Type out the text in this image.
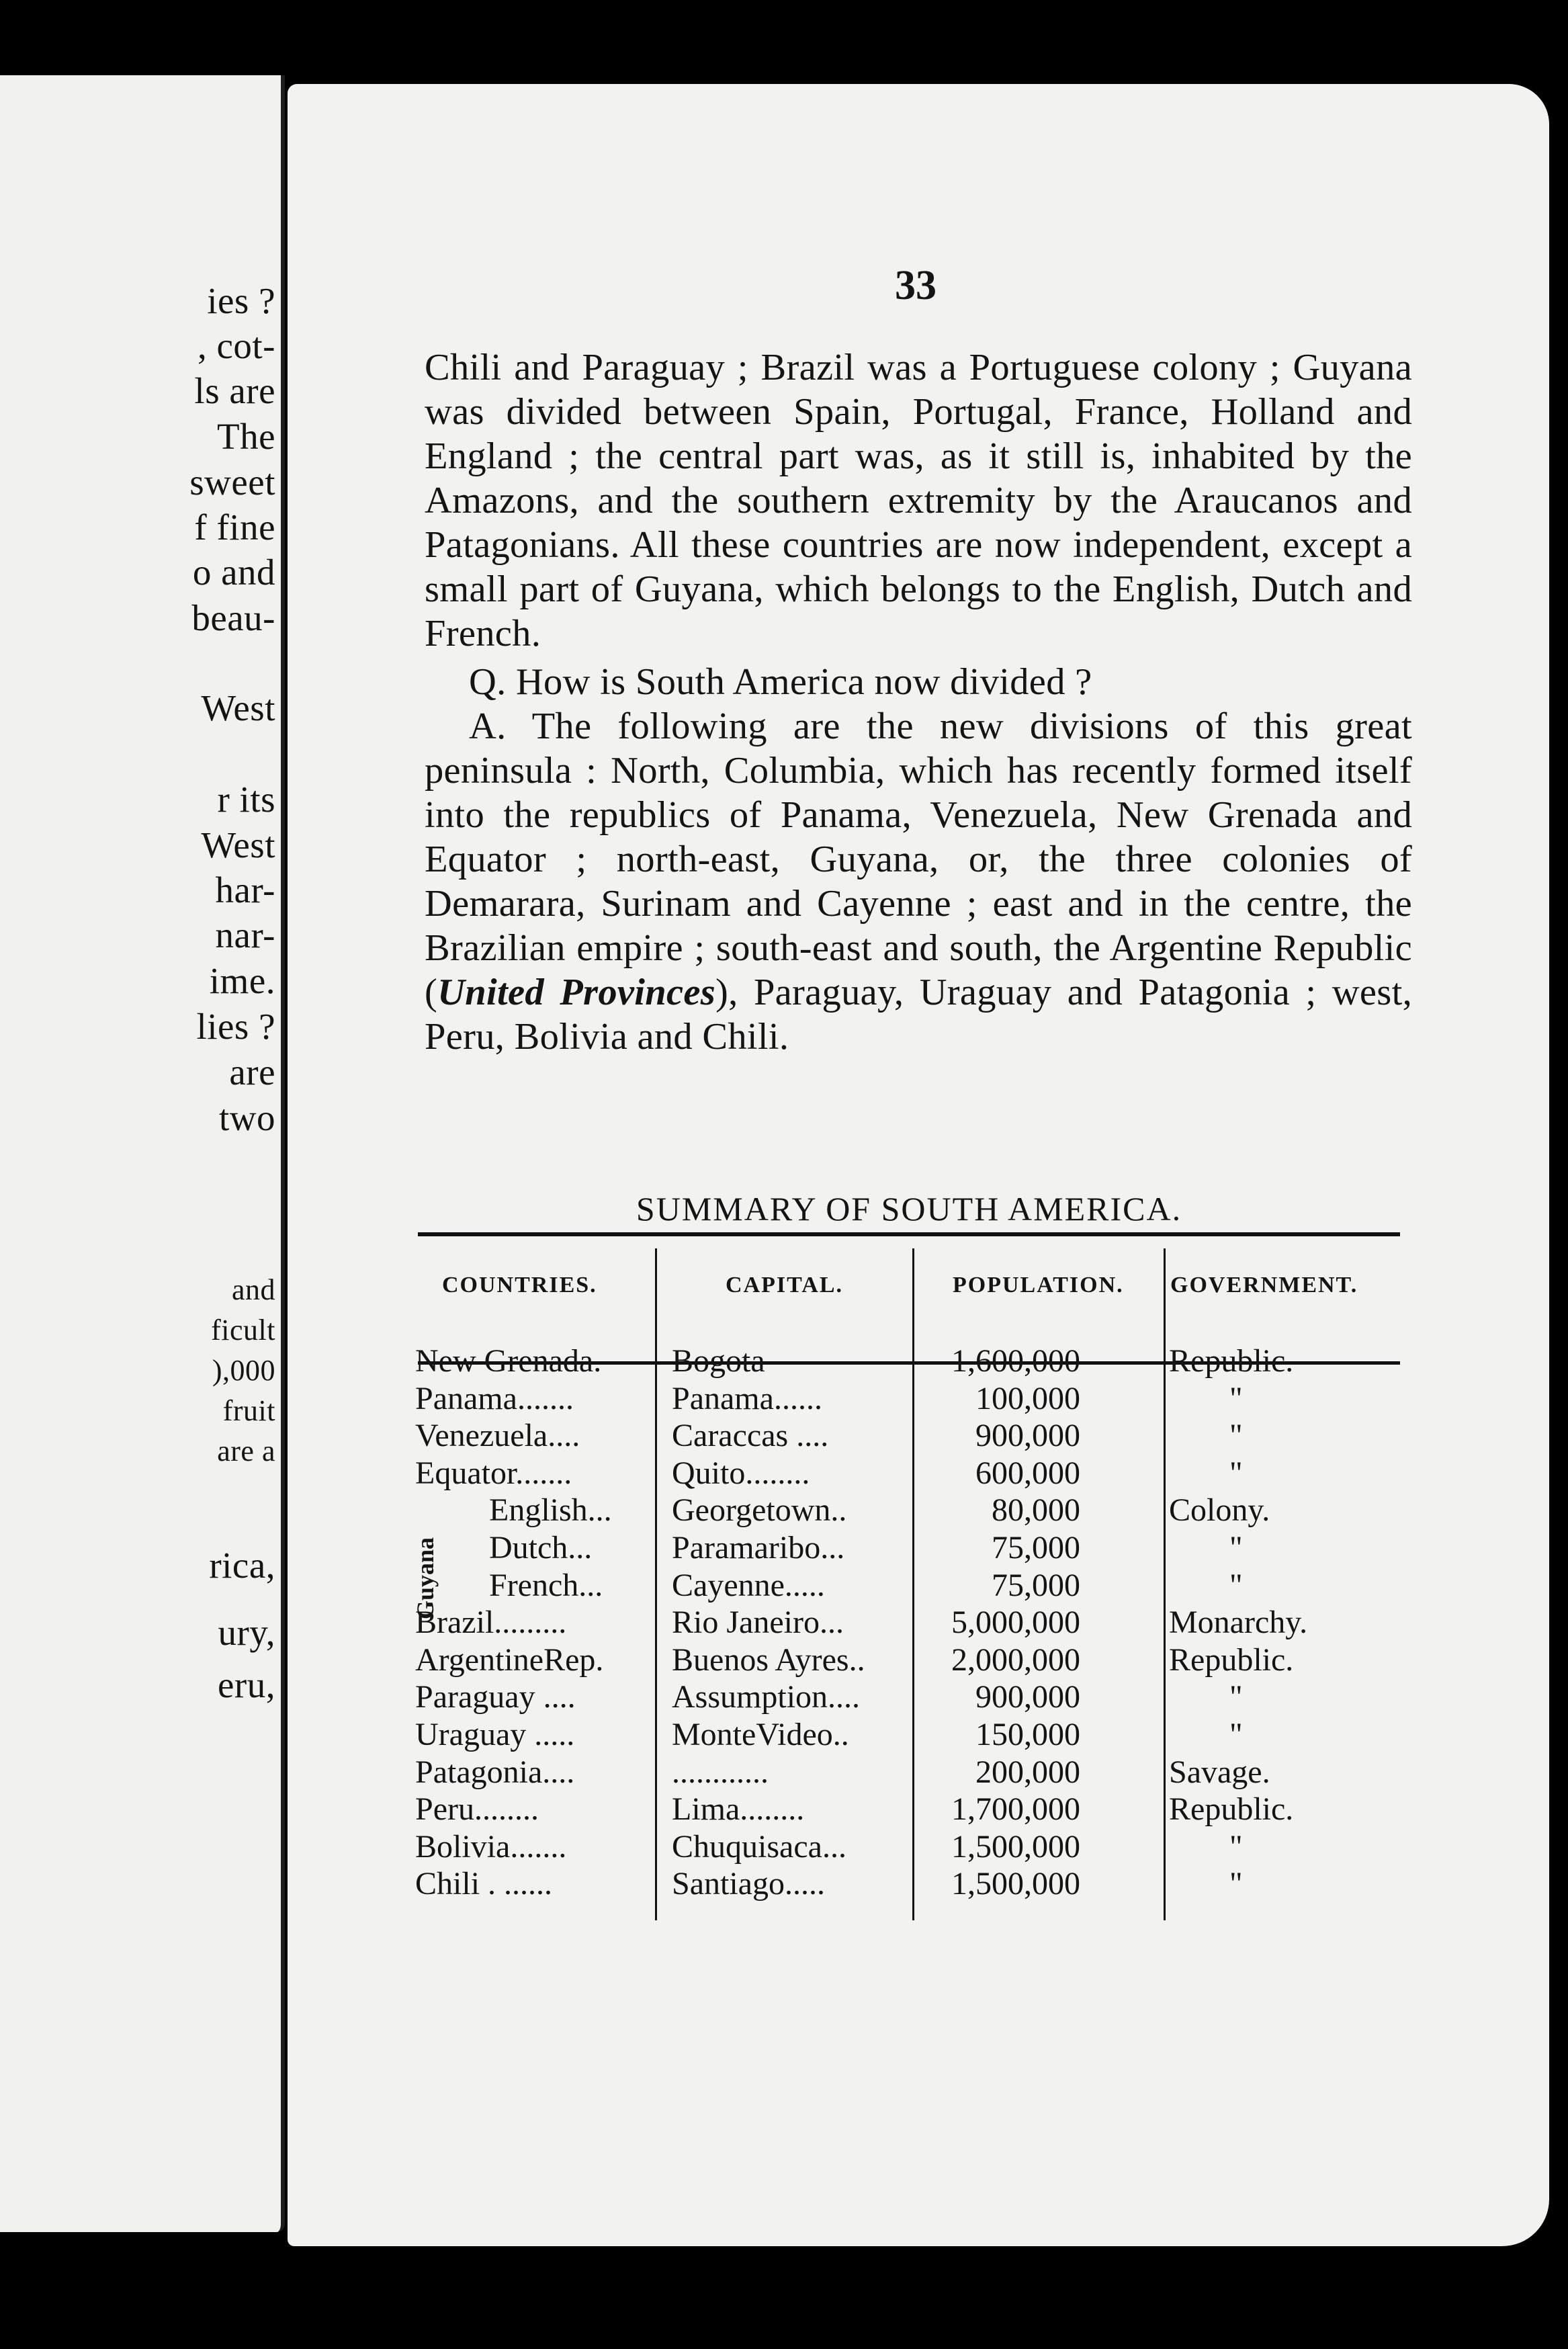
ies ?
, cot-
ls are
The
sweet
f fine
o and
beau-
West
r its
West
har-
nar-
ime.
lies ?
are
two
and
ficult
),000
fruit
are a
rica,
ury,
eru,
33

Chili and Paraguay ; Brazil was a Portuguese colony ; Guyana was divided between Spain, Portugal, France, Holland and England ; the central part was, as it still is, inhabited by the Amazons, and the southern extremity by the Araucanos and Patagonians. All these countries are now independent, except a small part of Guyana, which belongs to the English, Dutch and French.

Q. How is South America now divided ?

A. The following are the new divisions of this great peninsula : North, Columbia, which has recently formed itself into the republics of Panama, Venezuela, New Grenada and Equator ; north-east, Guyana, or, the three colonies of Demarara, Surinam and Cayenne ; east and in the centre, the Brazilian empire ; south-east and south, the Argentine Republic (United Provinces), Paraguay, Uraguay and Patagonia ; west, Peru, Bolivia and Chili.

SUMMARY OF SOUTH AMERICA.
COUNTRIES.	CAPITAL.	POPULATION. GOVERNMENT.
New Grenada.	Bogota	1,600,000	Republic.
Panama.......	Panama......	100,000	"
Venezuela....	Caraccas ....	900,000	"
Equator.......	Quito........	600,000	"
English...	Georgetown..	80,000	Colony.
Dutch...	Paramaribo...	75,000	"
French...	Cayenne.....	75,000	"
Brazil.........	Rio Janeiro...	5,000,000	Monarchy.
ArgentineRep.	Buenos Ayres..	2,000,000	Republic.
Paraguay ....	Assumption....	900,000	"
Uraguay .....	MonteVideo..	150,000	"
Patagonia....	............	200,000	Savage.
Peru........	Lima........	1,700,000	Republic.
Bolivia.......	Chuquisaca...	1,500,000	"
Chili . ......	Santiago.....	1,500,000	"
Guyana
